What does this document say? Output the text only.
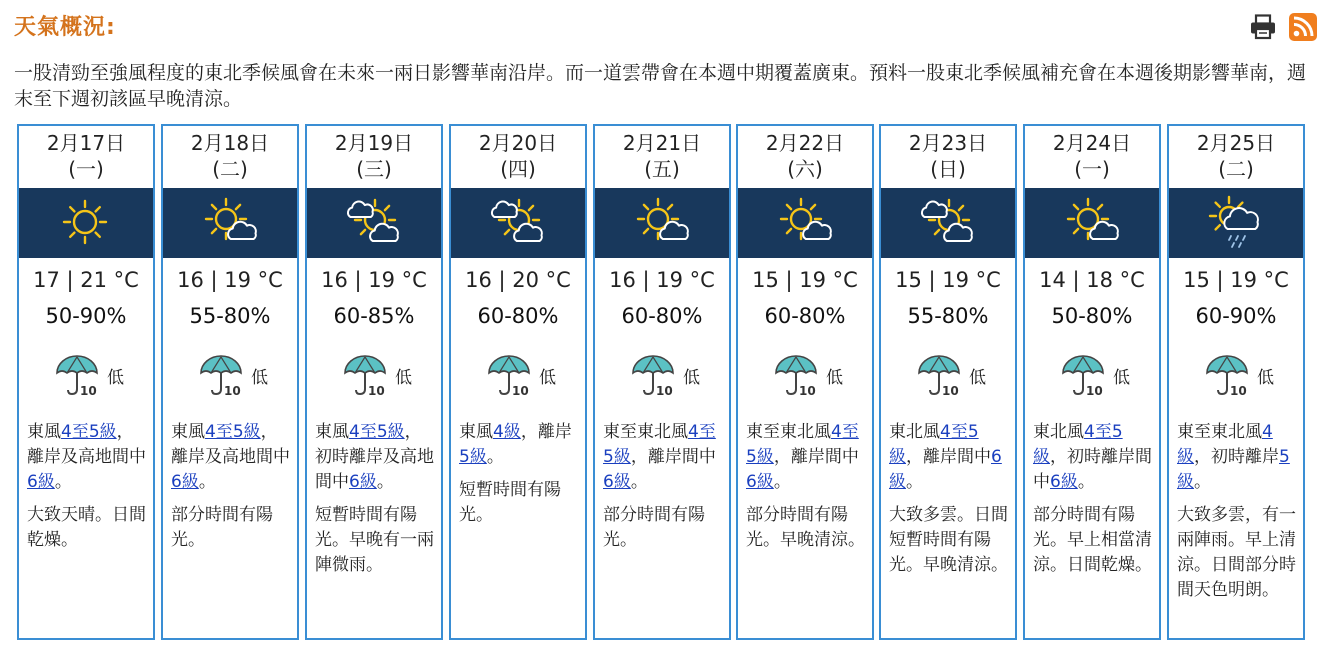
天氣概況:
一股清勁至強風程度的東北季候風會在未來一兩日影響華南沿岸。而一道雲帶會在本週中期覆蓋廣東。預料一股東北季候風補充會在本週後期影響華南，週末至下週初該區早晚清涼。
2月17日
(一)
17 | 21 °C
50-90%
10
低
東風4至5級，離岸及高地間中6級。
大致天晴。日間乾燥。
2月18日
(二)
16 | 19 °C
55-80%
10
低
東風4至5級，離岸及高地間中6級。
部分時間有陽光。
2月19日
(三)
16 | 19 °C
60-85%
10
低
東風4至5級，初時離岸及高地間中6級。
短暫時間有陽光。早晚有一兩陣微雨。
2月20日
(四)
16 | 20 °C
60-80%
10
低
東風4級，離岸5級。
短暫時間有陽光。
2月21日
(五)
16 | 19 °C
60-80%
10
低
東至東北風4至5級，離岸間中6級。
部分時間有陽光。
2月22日
(六)
15 | 19 °C
60-80%
10
低
東至東北風4至5級，離岸間中6級。
部分時間有陽光。早晚清涼。
2月23日
(日)
15 | 19 °C
55-80%
10
低
東北風4至5級，離岸間中6級。
大致多雲。日間短暫時間有陽光。早晚清涼。
2月24日
(一)
14 | 18 °C
50-80%
10
低
東北風4至5級，初時離岸間中6級。
部分時間有陽光。早上相當清涼。日間乾燥。
2月25日
(二)
15 | 19 °C
60-90%
10
低
東至東北風4級，初時離岸5級。
大致多雲，有一兩陣雨。早上清涼。日間部分時間天色明朗。
